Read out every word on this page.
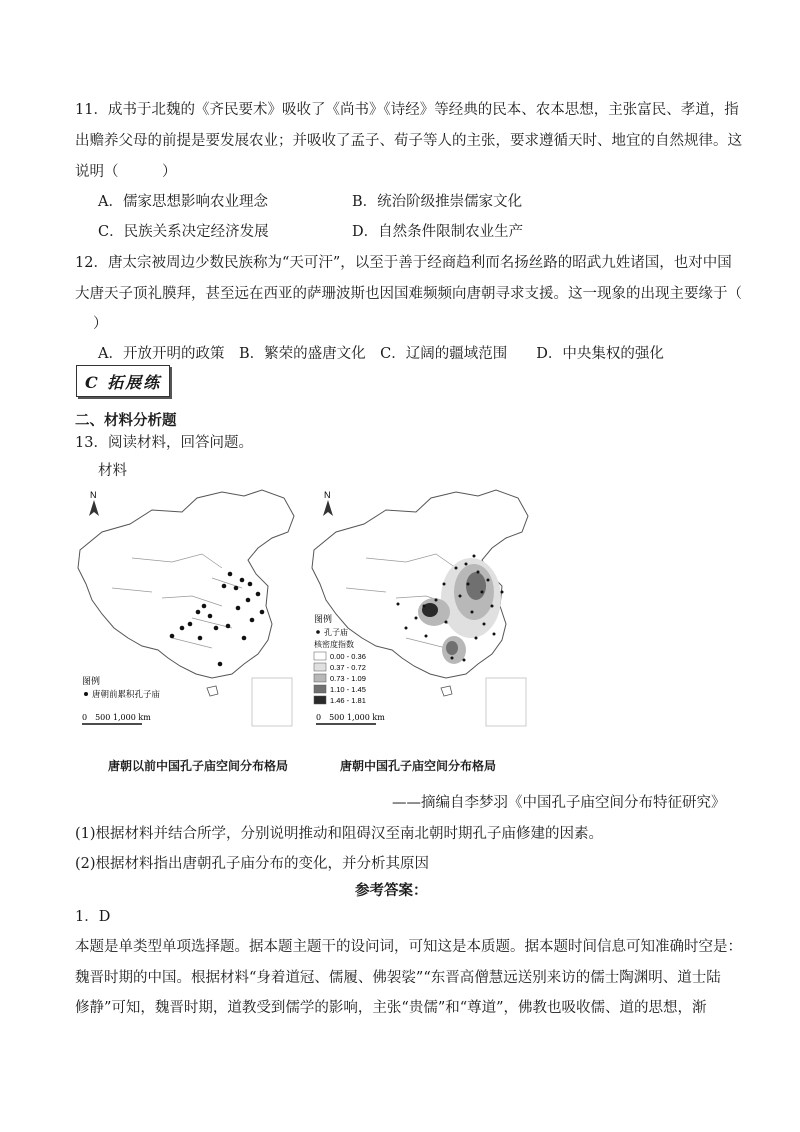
11．成书于北魏的《齐民要术》吸收了《尚书》《诗经》等经典的民本、农本思想，主张富民、孝道，指
出赡养父母的前提是要发展农业；并吸收了孟子、荀子等人的主张，要求遵循天时、地宜的自然规律。这
说明（　　　）
A．儒家思想影响农业理念	B．统治阶级推崇儒家文化
C．民族关系决定经济发展	D．自然条件限制农业生产
12．唐太宗被周边少数民族称为“天可汗”，以至于善于经商趋利而名扬丝路的昭武九姓诸国，也对中国
大唐天子顶礼膜拜，甚至远在西亚的萨珊波斯也因国难频频向唐朝寻求支援。这一现象的出现主要缘于（
）
A．开放开明的政策　B．繁荣的盛唐文化　C．辽阔的疆域范围　　D．中央集权的强化
C 拓展练
二、材料分析题
13．阅读材料，回答问题。
材料
N
图例
唐朝前累积孔子庙
0　500 1,000 km
N
图例
孔子庙
核密度指数
0.00 - 0.36
0.37 - 0.72
0.73 - 1.09
1.10 - 1.45
1.46 - 1.81
0　500 1,000 km
唐朝以前中国孔子庙空间分布格局	唐朝中国孔子庙空间分布格局
——摘编自李梦羽《中国孔子庙空间分布特征研究》
(1)根据材料并结合所学，分别说明推动和阻碍汉至南北朝时期孔子庙修建的因素。
(2)根据材料指出唐朝孔子庙分布的变化，并分析其原因
参考答案：
1．D
本题是单类型单项选择题。据本题主题干的设问词，可知这是本质题。据本题时间信息可知准确时空是：
魏晋时期的中国。根据材料“身着道冠、儒履、佛袈裟”“东晋高僧慧远送别来访的儒士陶渊明、道士陆
修静”可知，魏晋时期，道教受到儒学的影响，主张“贵儒”和“尊道”，佛教也吸收儒、道的思想，渐
